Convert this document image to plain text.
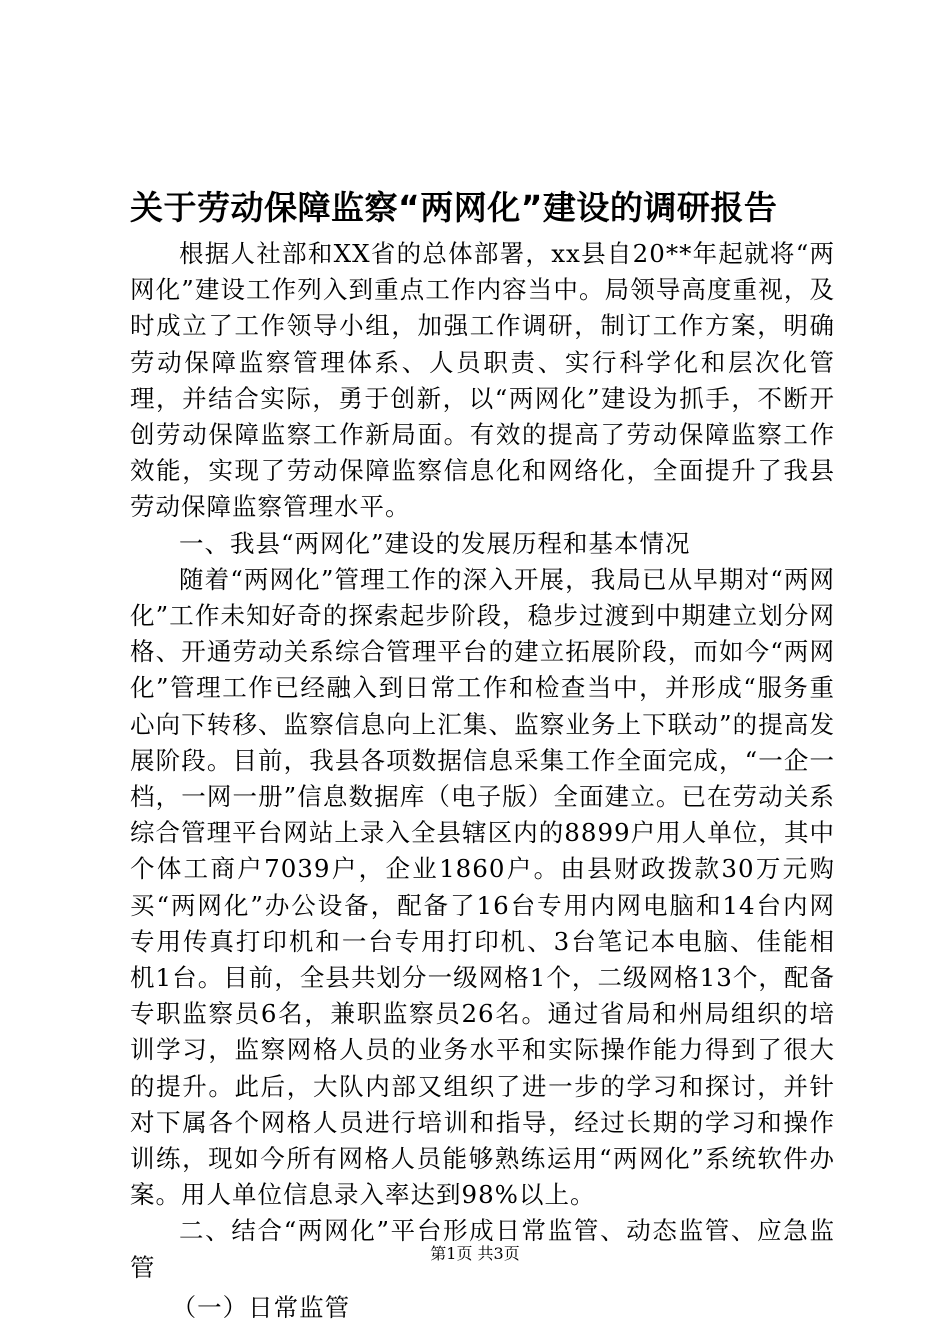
关于劳动保障监察“两网化”建设的调研报告

根据人社部和XX省的总体部署，xx县自20**年起就将“两网化”建设工作列入到重点工作内容当中。局领导高度重视，及时成立了工作领导小组，加强工作调研，制订工作方案，明确劳动保障监察管理体系、人员职责、实行科学化和层次化管理，并结合实际，勇于创新，以“两网化”建设为抓手，不断开创劳动保障监察工作新局面。有效的提高了劳动保障监察工作效能，实现了劳动保障监察信息化和网络化，全面提升了我县劳动保障监察管理水平。

一、我县“两网化”建设的发展历程和基本情况

随着“两网化”管理工作的深入开展，我局已从早期对“两网化”工作未知好奇的探索起步阶段，稳步过渡到中期建立划分网格、开通劳动关系综合管理平台的建立拓展阶段，而如今“两网化”管理工作已经融入到日常工作和检查当中，并形成“服务重心向下转移、监察信息向上汇集、监察业务上下联动”的提高发展阶段。目前，我县各项数据信息采集工作全面完成，“一企一档，一网一册”信息数据库（电子版）全面建立。已在劳动关系综合管理平台网站上录入全县辖区内的8899户用人单位，其中个体工商户7039户，企业1860户。由县财政拨款30万元购买“两网化”办公设备，配备了16台专用内网电脑和14台内网专用传真打印机和一台专用打印机、3台笔记本电脑、佳能相机1台。目前，全县共划分一级网格1个，二级网格13个，配备专职监察员6名，兼职监察员26名。通过省局和州局组织的培训学习，监察网格人员的业务水平和实际操作能力得到了很大的提升。此后，大队内部又组织了进一步的学习和探讨，并针对下属各个网格人员进行培训和指导，经过长期的学习和操作训练，现如今所有网格人员能够熟练运用“两网化”系统软件办案。用人单位信息录入率达到98%以上。

二、结合“两网化”平台形成日常监管、动态监管、应急监管

（一）日常监管

第1页 共3页
